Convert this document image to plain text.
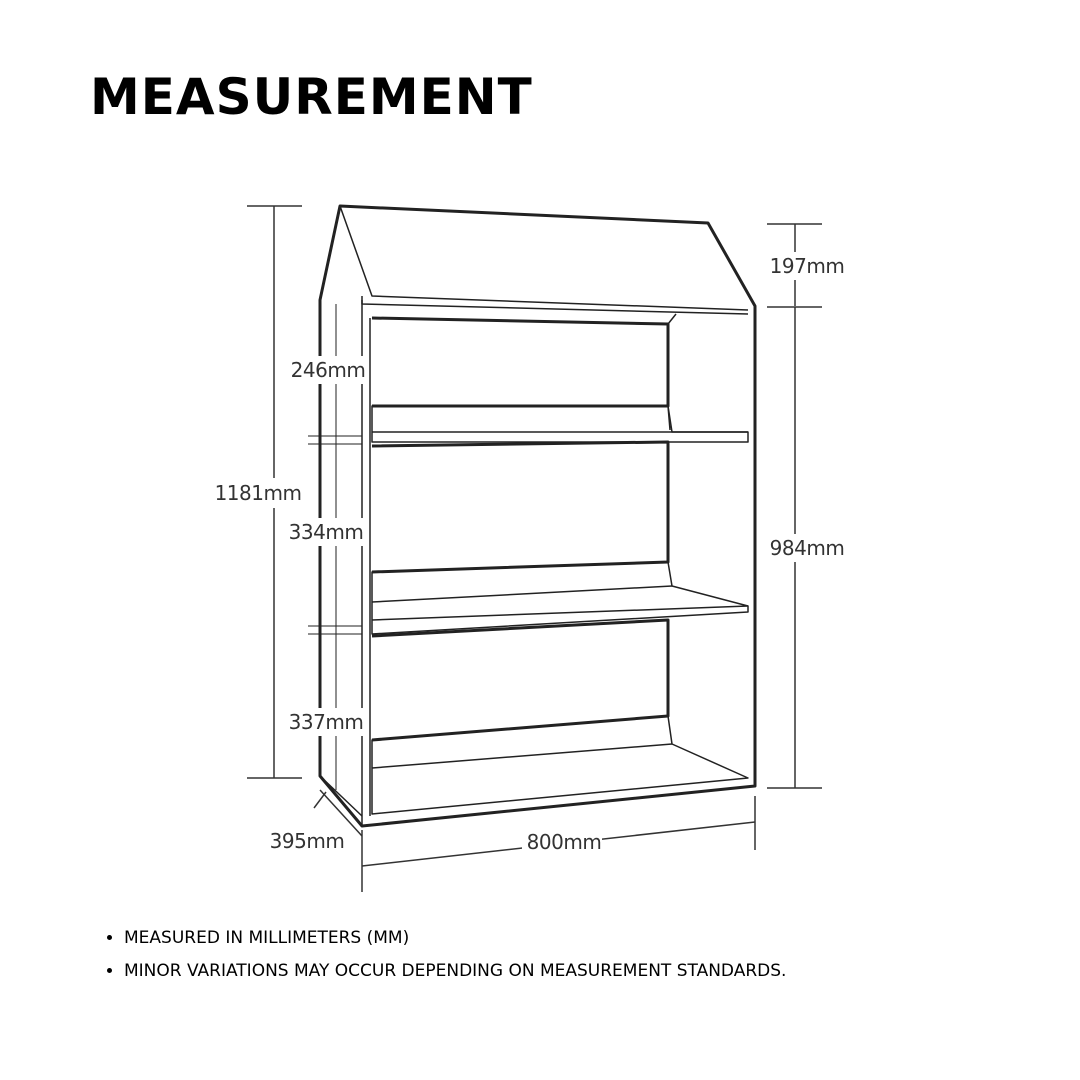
MEASUREMENT
1181mm
197mm
984mm
246mm
334mm
337mm
395mm	800mm
• MEASURED IN MILLIMETERS (MM)
• MINOR VARIATIONS MAY OCCUR DEPENDING ON MEASUREMENT STANDARDS.
